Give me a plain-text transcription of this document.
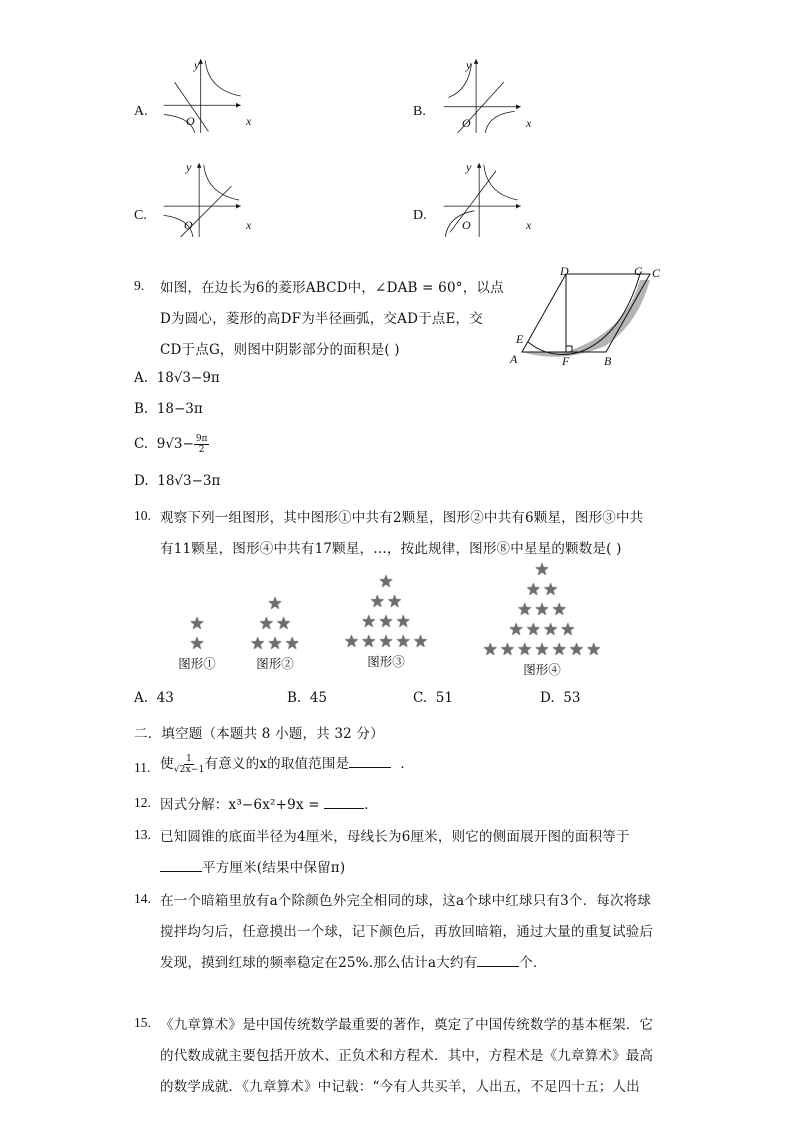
A.
y
x
O
B.
y
x
O
C.
y
x
O
D.
y
x
O
9. 如图，在边长为6的菱形ABCD中，∠DAB = 60°，以点
D为圆心，菱形的高DF为半径画弧，交AD于点E，交
CD于点G，则图中阴影部分的面积是( )
D	G C
E
A	F	B
A. 18√3−9π
B. 18−3π
C. $9√3- \frac{9\pi}{2}$
D. 18√3−3π
10. 观察下列一组图形，其中图形①中共有2颗星，图形②中共有6颗星，图形③中共
有11颗星，图形④中共有17颗星，…，按此规律，图形⑧中星星的颗数是( )
★
★
图形①
★
★ ★
★ ★ ★
图形②
★
★ ★
★ ★ ★
★ ★ ★ ★ ★
图形③
★
★ ★
★ ★ ★
★ ★ ★ ★
★ ★ ★ ★ ★ ★ ★
图形④
A. 43	B. 45	C. 51	D. 53
二．填空题（本题共 8 小题，共 32 分）
11. 使 $\frac{1}{√2x-1}$ 有意义的x的取值范围是	．
12. 因式分解：x³−6x²+9x =	．
13. 已知圆锥的底面半径为4厘米，母线长为6厘米，则它的侧面展开图的面积等于
平方厘米(结果中保留π)
14. 在一个暗箱里放有a个除颜色外完全相同的球，这a个球中红球只有3个．每次将球
搅拌均匀后，任意摸出一个球，记下颜色后，再放回暗箱，通过大量的重复试验后
发现，摸到红球的频率稳定在25%.那么估计a大约有	个．
15. 《九章算术》是中国传统数学最重要的著作，奠定了中国传统数学的基本框架．它
的代数成就主要包括开放术、正负术和方程术．其中，方程术是《九章算术》最高
的数学成就．《九章算术》中记载：“今有人共买羊，人出五，不足四十五；人出
